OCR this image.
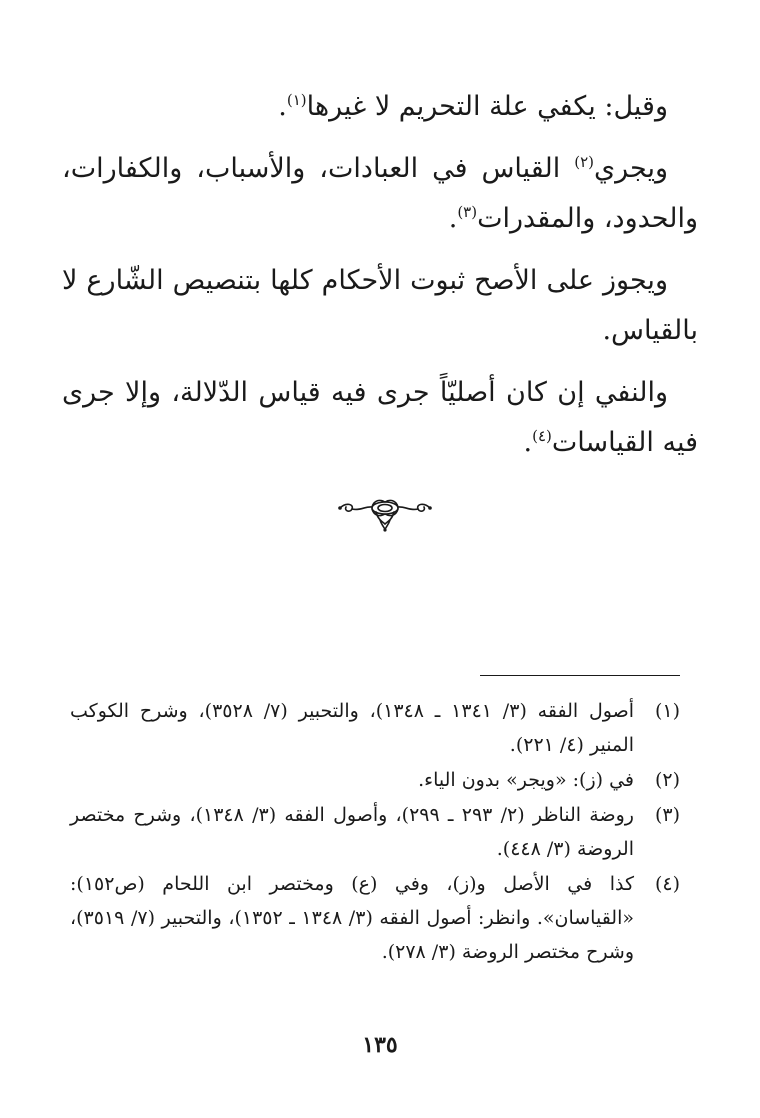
وقيل: يكفي علة التحريم لا غيرها$^{(١)}$.

ويجري$^{(٢)}$ القياس في العبادات، والأسباب، والكفارات، والحدود، والمقدرات$^{(٣)}$.

ويجوز على الأصح ثبوت الأحكام كلها بتنصيص الشّارع لا بالقياس.

والنفي إن كان أصليّاً جرى فيه قياس الدّلالة، وإلا جرى فيه القياسات$^{(٤)}$.

(١)
أصول الفقه (٣/ ١٣٤١ ـ ١٣٤٨)، والتحبير (٧/ ٣٥٢٨)، وشرح الكوكب المنير (٤/ ٢٢١).
(٢)
في (ز): «ويجر» بدون الياء.
(٣)
روضة الناظر (٢/ ٢٩٣ ـ ٢٩٩)، وأصول الفقه (٣/ ١٣٤٨)، وشرح مختصر الروضة (٣/ ٤٤٨).
(٤)
كذا في الأصل و(ز)، وفي (ع) ومختصر ابن اللحام (ص١٥٢): «القياسان». وانظر: أصول الفقه (٣/ ١٣٤٨ ـ ١٣٥٢)، والتحبير (٧/ ٣٥١٩)، وشرح مختصر الروضة (٣/ ٢٧٨).
١٣٥
